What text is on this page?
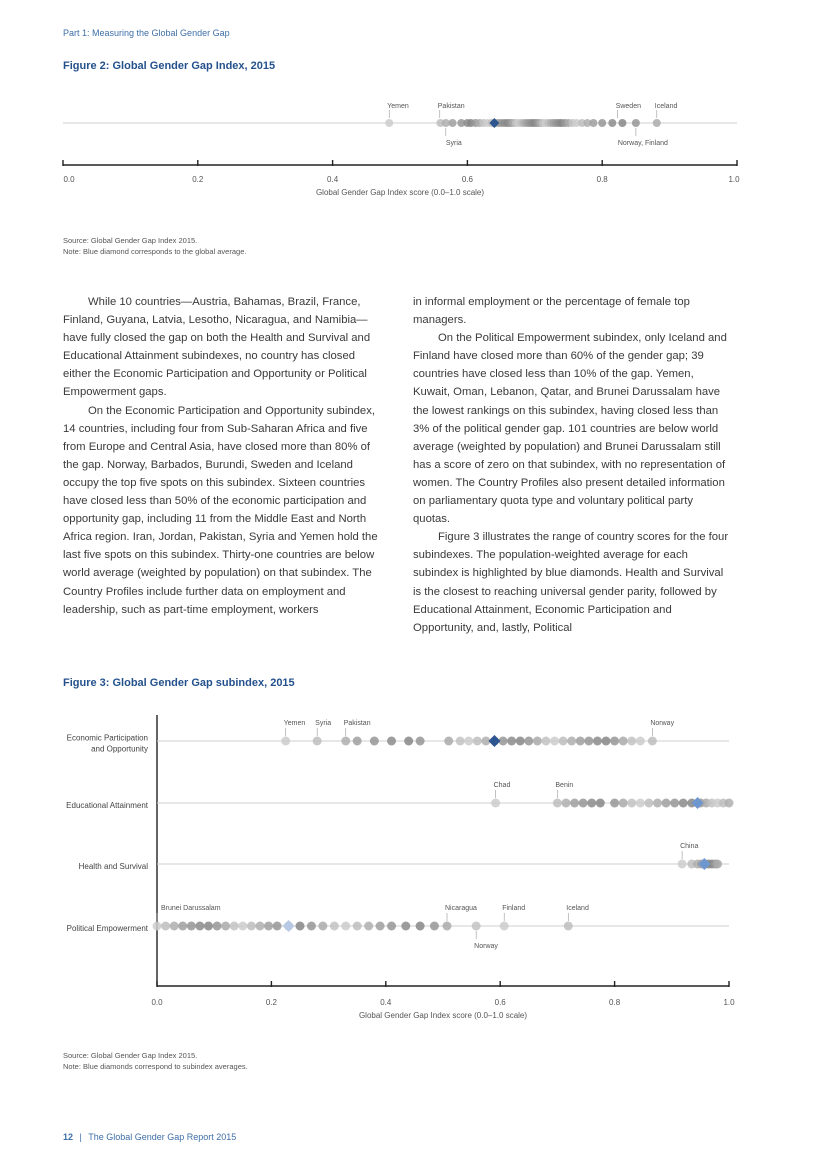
Part 1: Measuring the Global Gender Gap
Figure 2: Global Gender Gap Index, 2015
Yemen	Pakistan
Syria
Sweden Iceland
Norway, Finland
0.0	0.2	0.4	0.6	0.8	1.0
Global Gender Gap Index score (0.0–1.0 scale)
Source: Global Gender Gap Index 2015.
Note: Blue diamond corresponds to the global average.

While 10 countries—Austria, Bahamas, Brazil, France, Finland, Guyana, Latvia, Lesotho, Nicaragua, and Namibia—have fully closed the gap on both the Health and Survival and Educational Attainment subindexes, no country has closed either the Economic Participation and Opportunity or Political Empowerment gaps.

On the Economic Participation and Opportunity subindex, 14 countries, including four from Sub-Saharan Africa and five from Europe and Central Asia, have closed more than 80% of the gap. Norway, Barbados, Burundi, Sweden and Iceland occupy the top five spots on this subindex. Sixteen countries have closed less than 50% of the economic participation and opportunity gap, including 11 from the Middle East and North Africa region. Iran, Jordan, Pakistan, Syria and Yemen hold the last five spots on this subindex. Thirty-one countries are below world average (weighted by population) on that subindex. The Country Profiles include further data on employment and leadership, such as part-time employment, workers

in informal employment or the percentage of female top managers.

On the Political Empowerment subindex, only Iceland and Finland have closed more than 60% of the gender gap; 39 countries have closed less than 10% of the gap. Yemen, Kuwait, Oman, Lebanon, Qatar, and Brunei Darussalam have the lowest rankings on this subindex, having closed less than 3% of the political gender gap. 101 countries are below world average (weighted by population) and Brunei Darussalam still has a score of zero on that subindex, with no representation of women. The Country Profiles also present detailed information on parliamentary quota type and voluntary political party quotas.

Figure 3 illustrates the range of country scores for the four subindexes. The population-weighted average for each subindex is highlighted by blue diamonds. Health and Survival is the closest to reaching universal gender parity, followed by Educational Attainment, Economic Participation and Opportunity, and, lastly, Political

Figure 3: Global Gender Gap subindex, 2015
Economic Participation
and Opportunity
Yemen Syria Pakistan	Norway
Educational Attainment
Chad	Benin
Health and Survival
China
Political Empowerment
Brunei Darussalam	Nicaragua	Finland	Iceland
Norway
0.0	0.2	0.4	0.6	0.8	1.0
Global Gender Gap Index score (0.0–1.0 scale)
Source: Global Gender Gap Index 2015.
Note: Blue diamonds correspond to subindex averages.
12 | The Global Gender Gap Report 2015
